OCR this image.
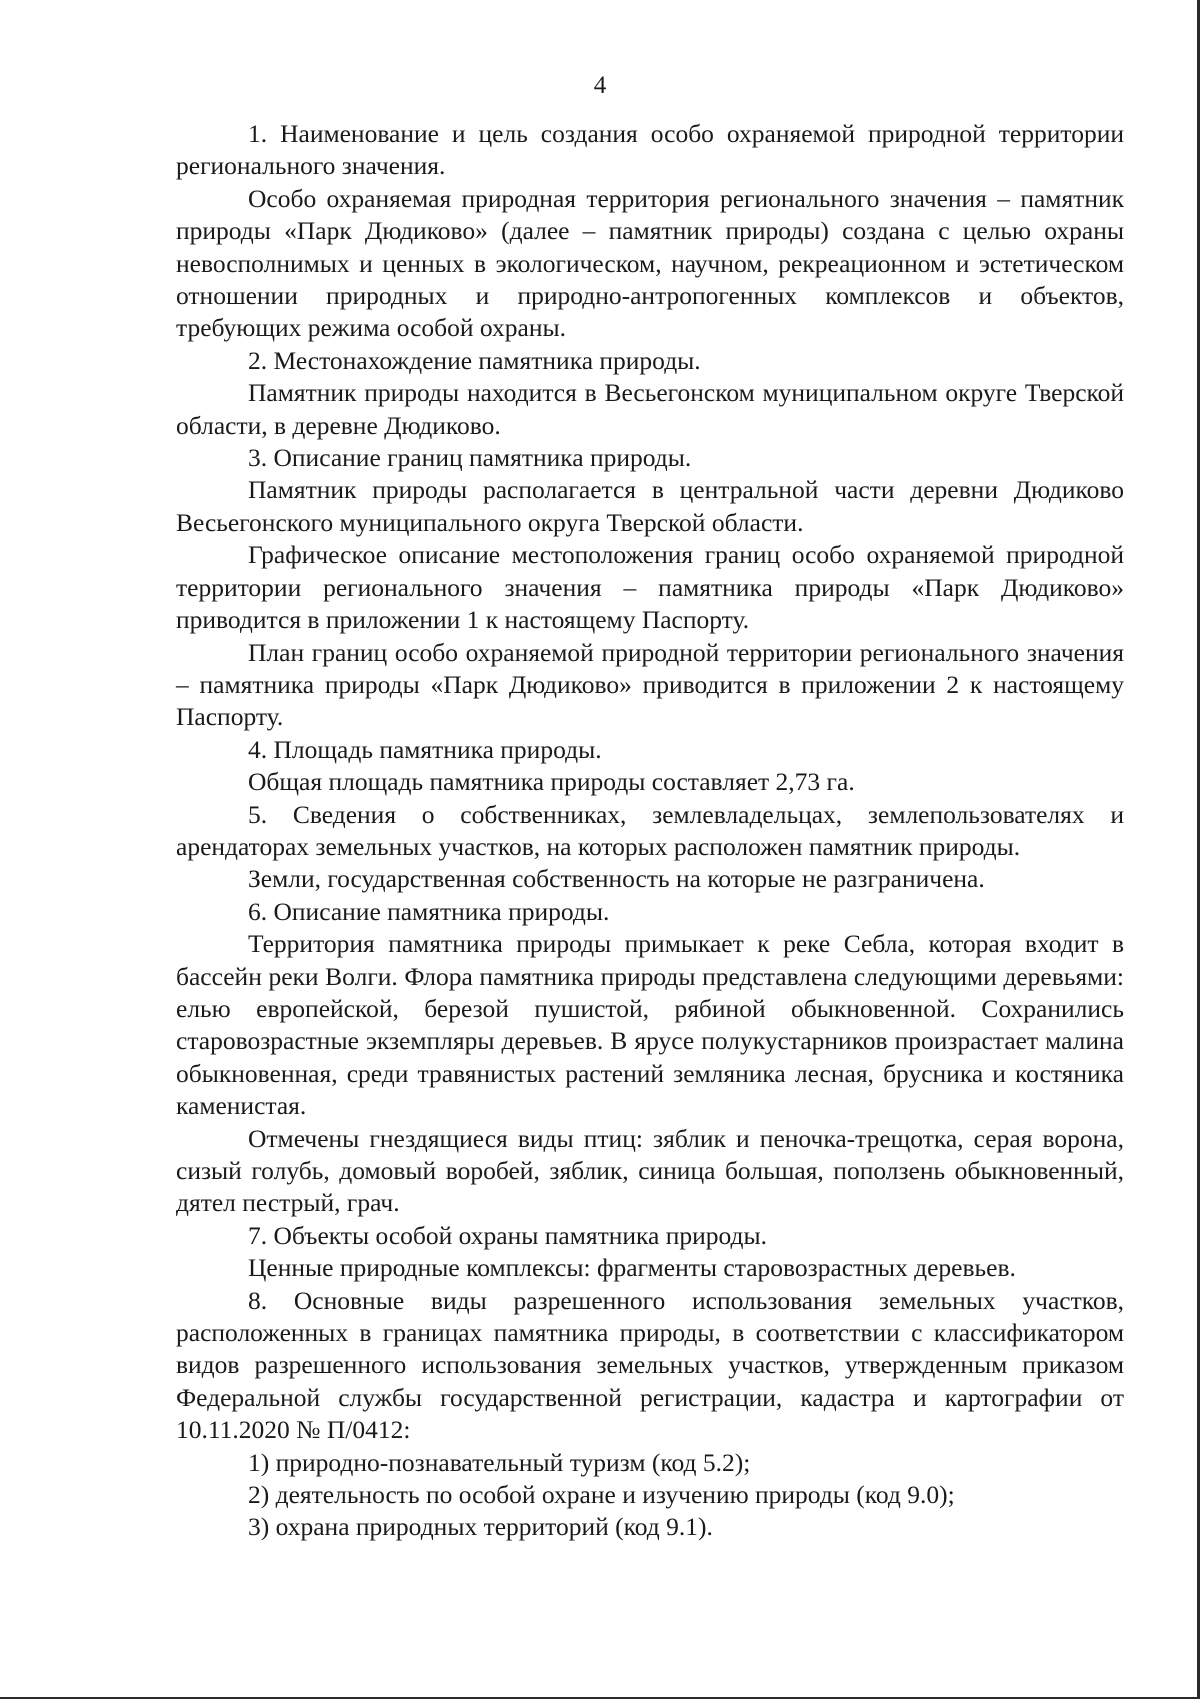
4

1. Наименование и цель создания особо охраняемой природной территории регионального значения.

Особо охраняемая природная территория регионального значения – памятник природы «Парк Дюдиково» (далее – памятник природы) создана с целью охраны невосполнимых и ценных в экологическом, научном, рекреационном и эстетическом отношении природных и природно-антропогенных комплексов и объектов, требующих режима особой охраны.

2. Местонахождение памятника природы.

Памятник природы находится в Весьегонском муниципальном округе Тверской области, в деревне Дюдиково.

3. Описание границ памятника природы.

Памятник природы располагается в центральной части деревни Дюдиково Весьегонского муниципального округа Тверской области.

Графическое описание местоположения границ особо охраняемой природной территории регионального значения – памятника природы «Парк Дюдиково» приводится в приложении 1 к настоящему Паспорту.

План границ особо охраняемой природной территории регионального значения – памятника природы «Парк Дюдиково» приводится в приложении 2 к настоящему Паспорту.

4. Площадь памятника природы.

Общая площадь памятника природы составляет 2,73 га.

5. Сведения о собственниках, землевладельцах, землепользователях и арендаторах земельных участков, на которых расположен памятник природы.

Земли, государственная собственность на которые не разграничена.

6. Описание памятника природы.

Территория памятника природы примыкает к реке Себла, которая входит в бассейн реки Волги. Флора памятника природы представлена следующими деревьями: елью европейской, березой пушистой, рябиной обыкновенной. Сохранились старовозрастные экземпляры деревьев. В ярусе полукустарников произрастает малина обыкновенная, среди травянистых растений земляника лесная, брусника и костяника каменистая.

Отмечены гнездящиеся виды птиц: зяблик и пеночка-трещотка, серая ворона, сизый голубь, домовый воробей, зяблик, синица большая, поползень обыкновенный, дятел пестрый, грач.

7. Объекты особой охраны памятника природы.

Ценные природные комплексы: фрагменты старовозрастных деревьев.

8. Основные виды разрешенного использования земельных участков, расположенных в границах памятника природы, в соответствии с классификатором видов разрешенного использования земельных участков, утвержденным приказом Федеральной службы государственной регистрации, кадастра и картографии от 10.11.2020 № П/0412:

1) природно-познавательный туризм (код 5.2);

2) деятельность по особой охране и изучению природы (код 9.0);

3) охрана природных территорий (код 9.1).
